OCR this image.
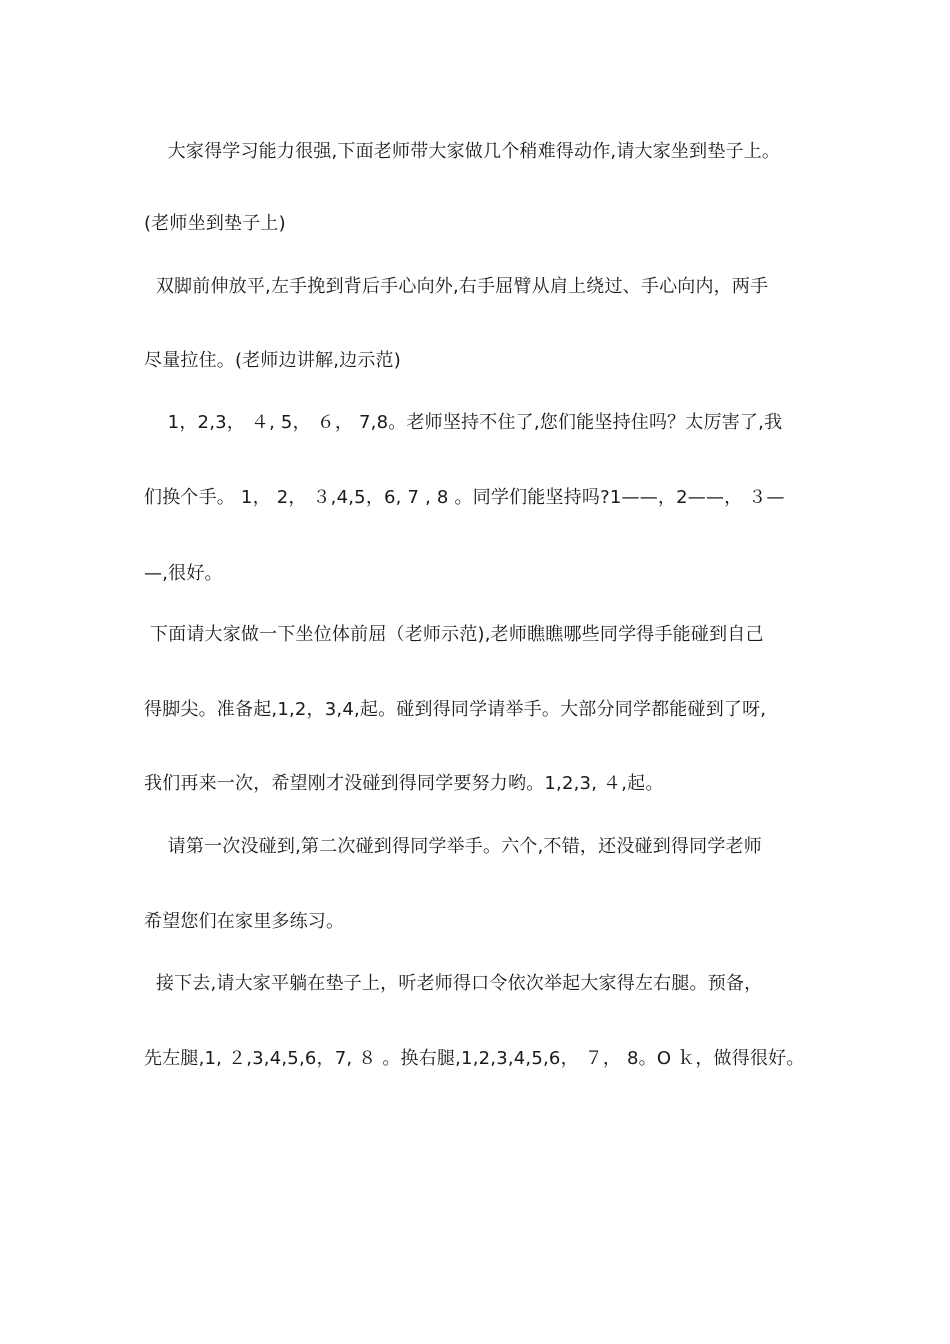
大家得学习能力很强,下面老师带大家做几个稍难得动作,请大家坐到垫子上。
(老师坐到垫子上)
双脚前伸放平,左手挽到背后手心向外,右手屈臂从肩上绕过、手心向内，两手
尽量拉住。(老师边讲解,边示范)
1，2,3， ４, 5， ６， 7,8。老师坚持不住了,您们能坚持住吗？太厉害了,我
们换个手。 1， 2， ３,4,5，6, 7 , 8 。同学们能坚持吗?1——，2——， ３—
—,很好。
下面请大家做一下坐位体前屈（老师示范),老师瞧瞧哪些同学得手能碰到自己
得脚尖。准备起,1,2，3,4,起。碰到得同学请举手。大部分同学都能碰到了呀,
我们再来一次，希望刚才没碰到得同学要努力哟。1,2,3, ４,起。
请第一次没碰到,第二次碰到得同学举手。六个,不错，还没碰到得同学老师
希望您们在家里多练习。
接下去,请大家平躺在垫子上，听老师得口令依次举起大家得左右腿。预备，
先左腿,1, ２,3,4,5,6，7, ８ 。换右腿,1,2,3,4,5,6， ７， 8。O ｋ，做得很好。
